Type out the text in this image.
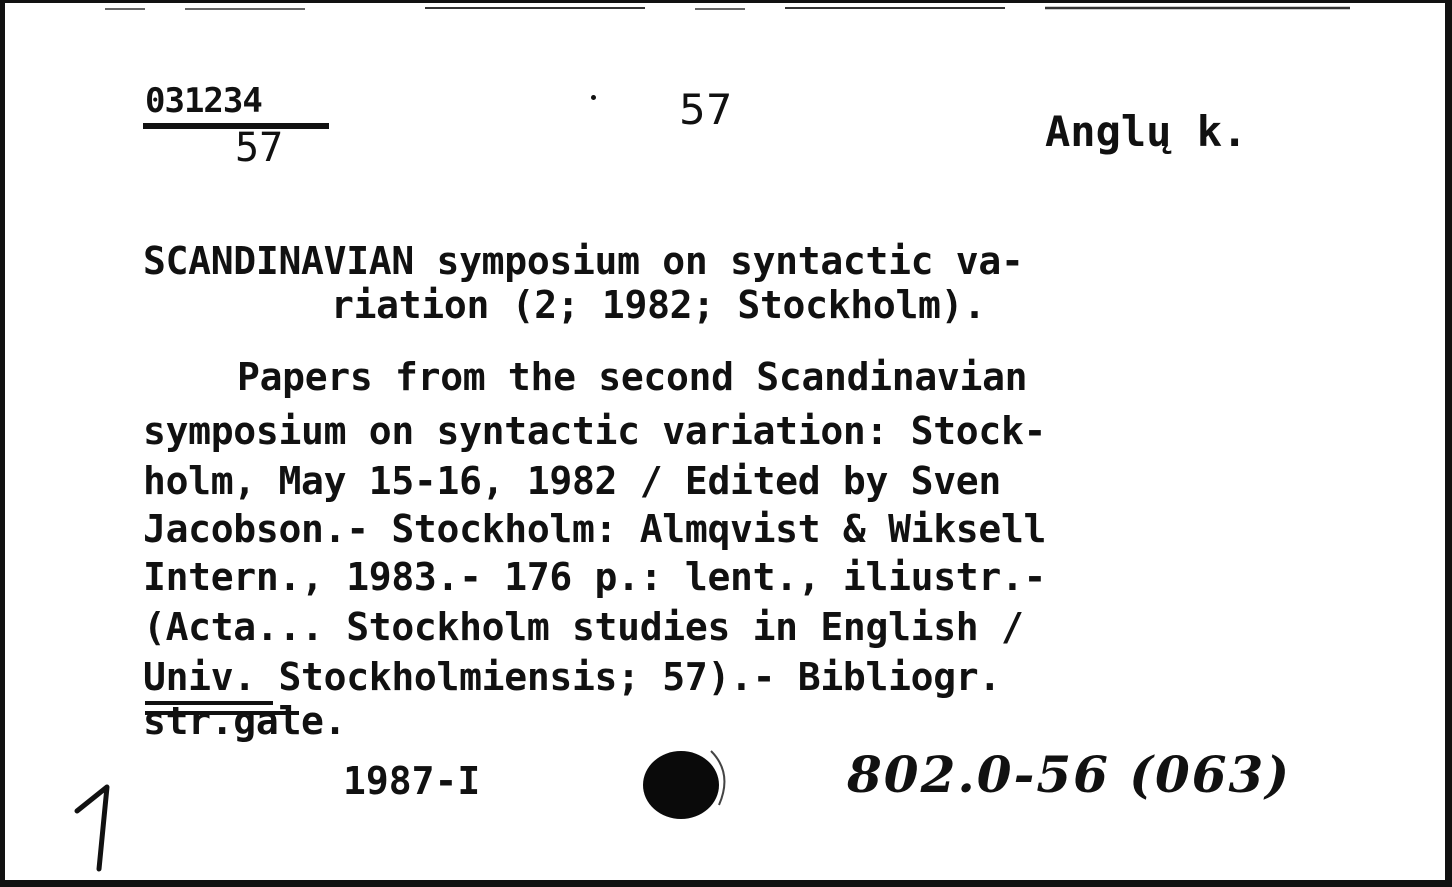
031234
57
57	Anglų k.
SCANDINAVIAN symposium on syntactic va-
riation (2; 1982; Stockholm).
Papers from the second Scandinavian
symposium on syntactic variation: Stock-
holm, May 15-16, 1982 / Edited by Sven
Jacobson.- Stockholm: Almqvist & Wiksell
Intern., 1983.- 176 p.: lent., iliustr.-
(Acta... Stockholm studies in English /
Univ. Stockholmiensis; 57).- Bibliogr.
str.gale.
1987-I	802.0-56 (063)
